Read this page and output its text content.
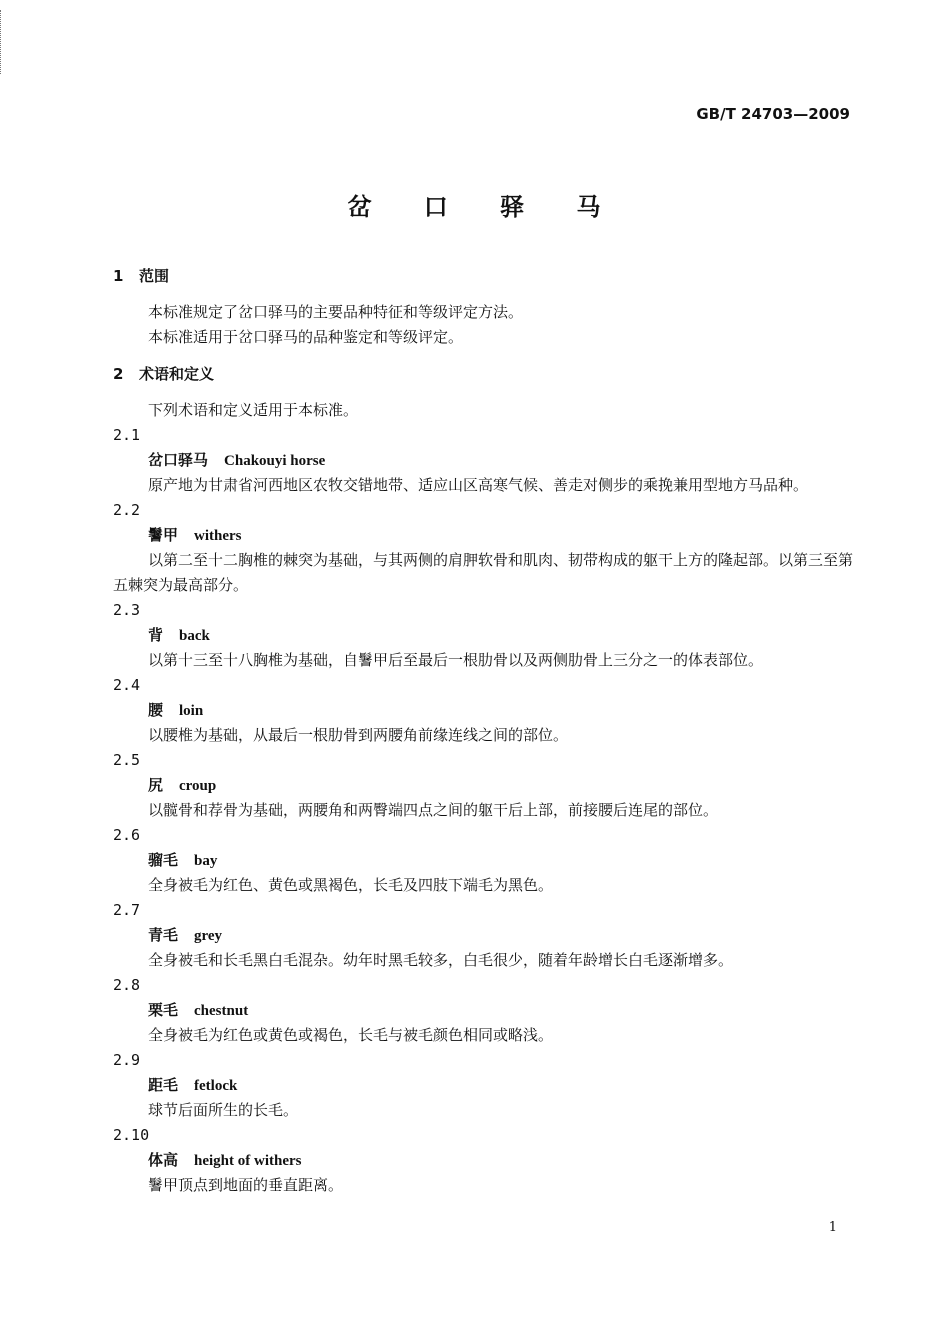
GB/T 24703—2009
岔 口 驿 马
1 范围
本标准规定了岔口驿马的主要品种特征和等级评定方法。
本标准适用于岔口驿马的品种鉴定和等级评定。
2 术语和定义
下列术语和定义适用于本标准。
2.1
岔口驿马 Chakouyi horse
原产地为甘肃省河西地区农牧交错地带、适应山区高寒气候、善走对侧步的乘挽兼用型地方马品种。
2.2
鬐甲 withers
以第二至十二胸椎的棘突为基础，与其两侧的肩胛软骨和肌肉、韧带构成的躯干上方的隆起部。以第三至第五棘突为最高部分。
2.3
背 back
以第十三至十八胸椎为基础，自鬐甲后至最后一根肋骨以及两侧肋骨上三分之一的体表部位。
2.4
腰 loin
以腰椎为基础，从最后一根肋骨到两腰角前缘连线之间的部位。
2.5
尻 croup
以髋骨和荐骨为基础，两腰角和两臀端四点之间的躯干后上部，前接腰后连尾的部位。
2.6
骝毛 bay
全身被毛为红色、黄色或黑褐色，长毛及四肢下端毛为黑色。
2.7
青毛 grey
全身被毛和长毛黑白毛混杂。幼年时黑毛较多，白毛很少，随着年龄增长白毛逐渐增多。
2.8
栗毛 chestnut
全身被毛为红色或黄色或褐色，长毛与被毛颜色相同或略浅。
2.9
距毛 fetlock
球节后面所生的长毛。
2.10
体高 height of withers
鬐甲顶点到地面的垂直距离。
1
